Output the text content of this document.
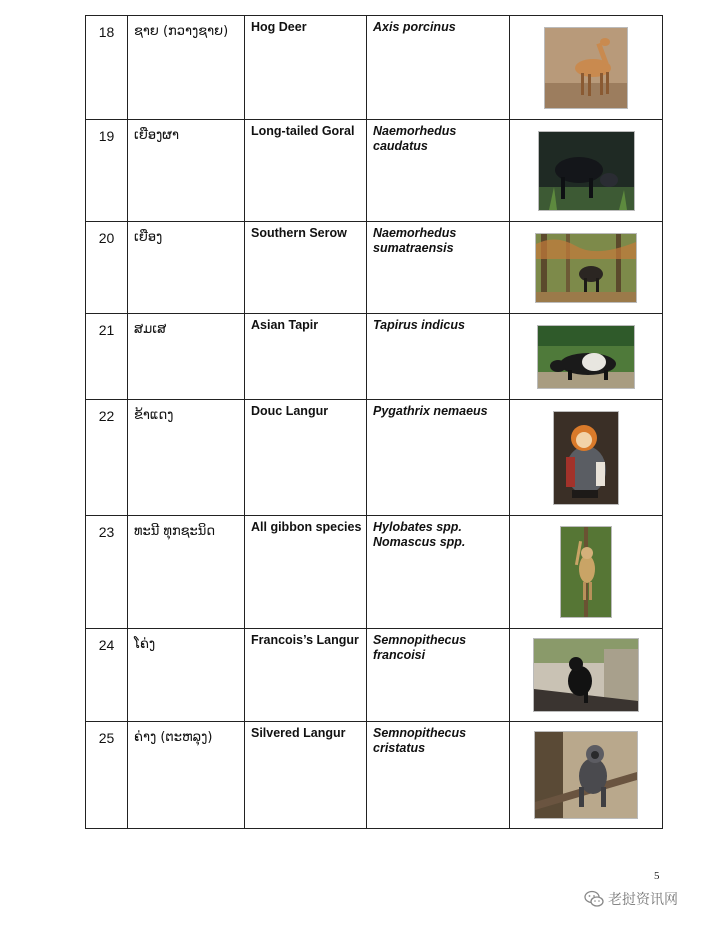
18	ຊາຍ (ກວາງຊາຍ)	Hog Deer	Axis porcinus	

19	ເຍືອງຜາ	Long-tailed Goral	Naemorhedus caudatus	

20	ເຍືອງ	Southern Serow	Naemorhedus sumatraensis	

21	ສມເສ	Asian Tapir	Tapirus indicus	

22	ຂ້າແດງ	Douc Langur	Pygathrix nemaeus	

23	ທະນີ ທຸກຊະນິດ	All gibbon species	Hylobates spp. Nomascus spp.	

24	ໂຄ່ງ	Francois’s Langur	Semnopithecus francoisi	

25	ຄ່າງ (ຕະຫລຸງ)	Silvered Langur	Semnopithecus cristatus	
5
老挝资讯网
